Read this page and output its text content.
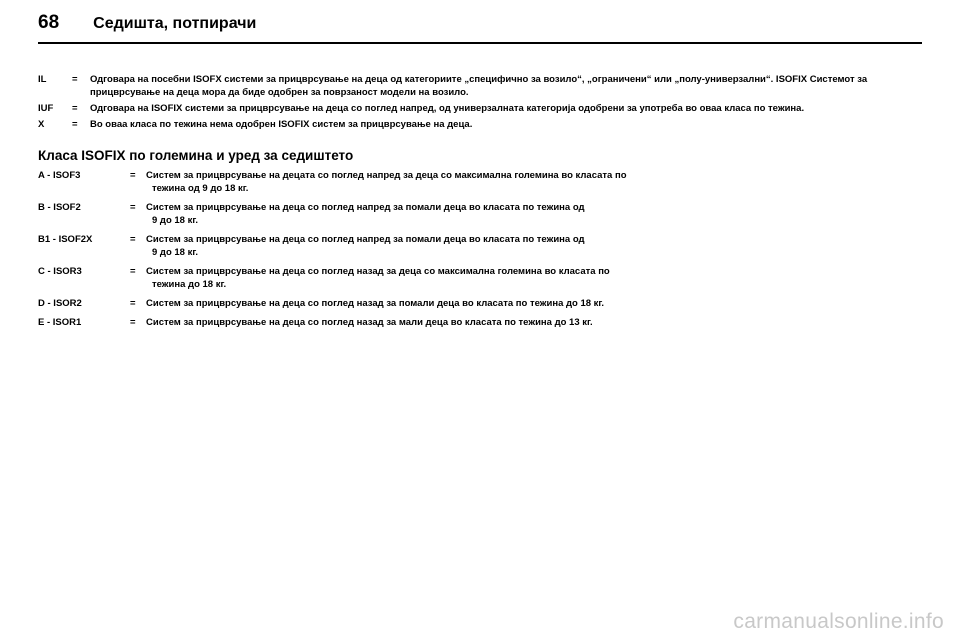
68 Седишта, потпирачи
IL	=	Одговара на посебни ISOFX системи за прицврсување на деца од категориите „специфично за возило“, „ограничени“ или „полу-универзални“. ISOFIX Системот за прицврсување на деца мора да биде одобрен за поврзаност модели на возило.
IUF	=	Одговара на ISOFIX системи за прицврсување на деца со поглед напред, од универзалната категорија одобрени за употреба во оваа класа по тежина.
X	=	Во оваа класа по тежина нема одобрен ISOFIX систем за прицврсување на деца.
Класа ISOFIX по големина и уред за седиштето
A - ISOF3	=	Систем за прицврсување на децата со поглед напред за деца со максимална големина во класата по
тежина од 9 до 18 кг.

B - ISOF2	=	Систем за прицврсување на деца со поглед напред за помали деца во класата по тежина од
9 до 18 кг.

B1 - ISOF2X	=	Систем за прицврсување на деца со поглед напред за помали деца во класата по тежина од
9 до 18 кг.

C - ISOR3	=	Систем за прицврсување на деца со поглед назад за деца со максимална големина во класата по
тежина до 18 кг.

D - ISOR2	=	Систем за прицврсување на деца со поглед назад за помали деца во класата по тежина до 18 кг.
E - ISOR1	=	Систем за прицврсување на деца со поглед назад за мали деца во класата по тежина до 13 кг.
carmanualsonline.info
